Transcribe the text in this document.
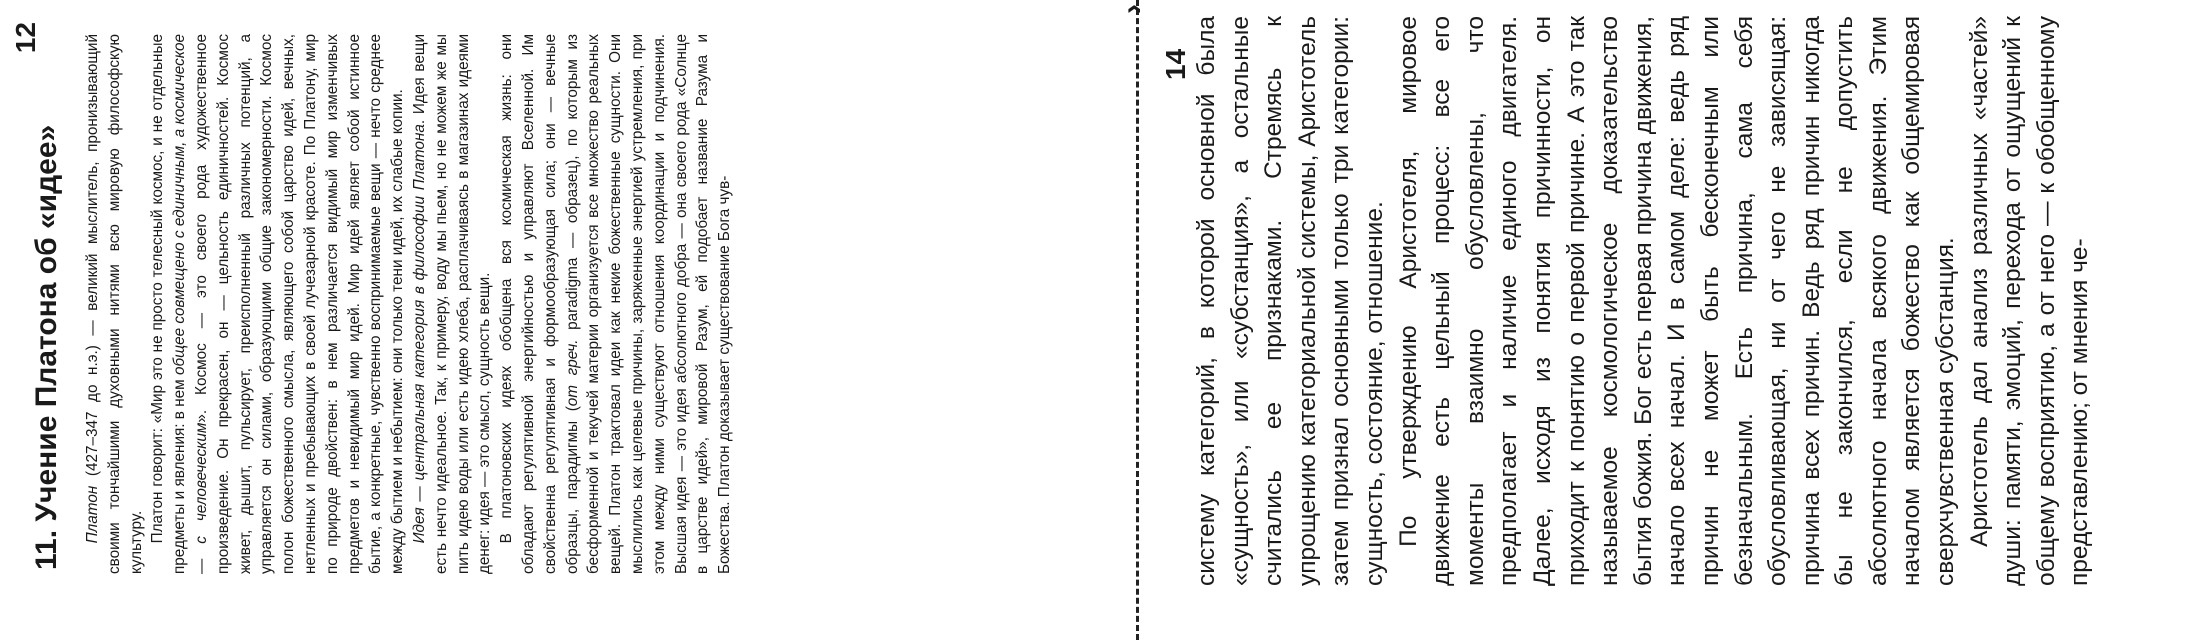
12
11. Учение Платона об «идее» Платон (427–347 до н.э.) — великий мыслитель, пронизывающий своими тончайшими духовными нитями всю мировую философскую культуру. Платон говорит: «Мир это не просто телесный космос, и не отдельные предметы и явления: в нем общее совмещено с единичным, а космическое — с человеческим». Космос — это своего рода художественное произведение. Он прекрасен, он — цельность единичностей. Космос живет, дышит, пульсирует, преисполненный различных потенций, а управляется он силами, образующими общие закономерности. Космос полон божественного смысла, являющего собой царство идей, вечных, нетленных и пребывающих в своей лучезарной красоте. По Платону, мир по природе двойствен: в нем различается видимый мир изменчивых предметов и невидимый мир идей. Мир идей являет собой истинное бытие, а конкретные, чувственно воспринимаемые вещи — нечто среднее между бытием и небытием: они только тени идей, их слабые копии. Идея — центральная категория в философии Платона. Идея вещи есть нечто идеальное. Так, к примеру, воду мы пьем, но не можем же мы пить идею воды или есть идею хлеба, расплачиваясь в магазинах идеями денег: идея — это смысл, сущность вещи. В платоновских идеях обобщена вся космическая жизнь: они обладают регулятивной энергийностью и управляют Вселенной. Им свойственна регулятивная и формообразующая сила; они — вечные образцы, парадигмы (от греч. paradigma — образец), по которым из бесформенной и текучей материи организуется все множество реальных вещей. Платон трактовал идеи как некие божественные сущности. Они мыслились как целевые причины, заряженные энергией устремления, при этом между ними существуют отношения координации и подчинения. Высшая идея — это идея абсолютного добра — она своего рода «Солнце в царстве идей», мировой Разум, ей подобает название Разума и Божества. Платон доказывает существование Бога чув-

›
14 систему категорий, в которой основной была «сущность», или «субстанция», а остальные считались ее признаками. Стремясь к упрощению категориальной системы, Аристотель затем признал основными только три категории: сущность, состояние, отношение. По утверждению Аристотеля, мировое движение есть цельный процесс: все его моменты взаимно обусловлены, что предполагает и наличие единого двигателя. Далее, исходя из понятия причинности, он приходит к понятию о первой причине. А это так называемое космологическое доказательство бытия божия. Бог есть первая причина движения, начало всех начал. И в самом деле: ведь ряд причин не может быть бесконечным или безначальным. Есть причина, сама себя обусловливающая, ни от чего не зависящая: причина всех причин. Ведь ряд причин никогда бы не закончился, если не допустить абсолютного начала всякого движения. Этим началом является божество как общемировая сверхчувственная субстанция. Аристотель дал анализ различных «частей» души: памяти, эмоций, перехода от ощущений к общему восприятию, а от него — к обобщенному представлению; от мнения че-
